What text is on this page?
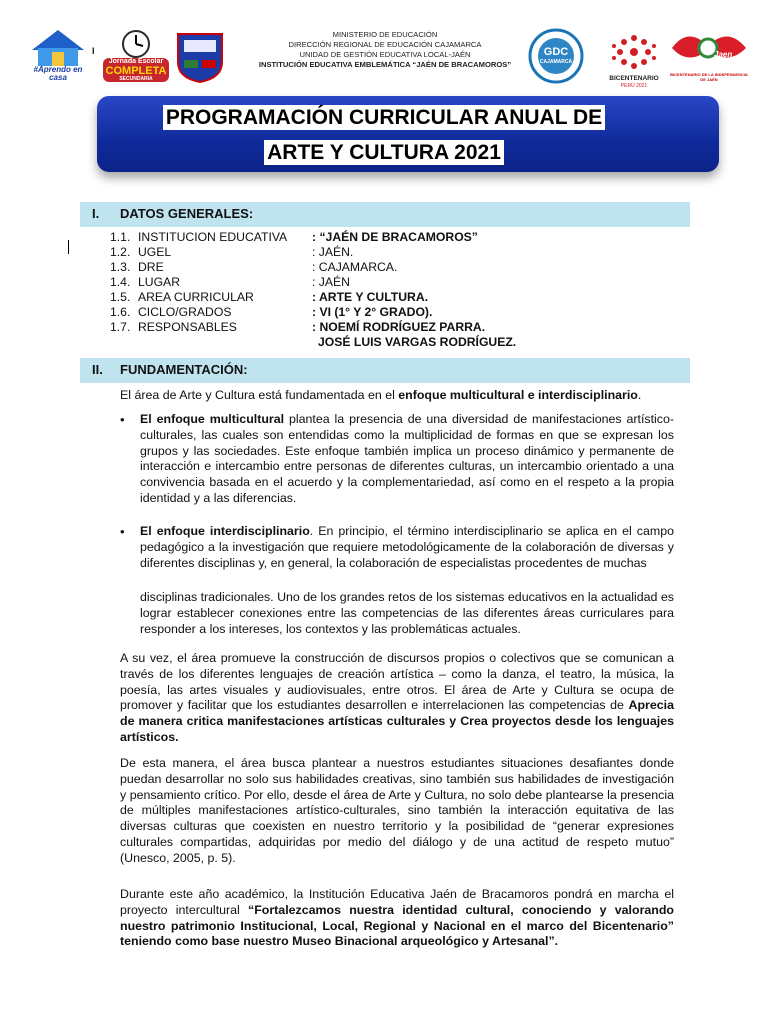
#Aprendo en casa
I
Jornada Escolar
COMPLETA
SECUNDARIA
MINISTERIO DE EDUCACIÓN
DIRECCIÓN REGIONAL DE EDUCACIÓN CAJAMARCA
UNIDAD DE GESTIÓN EDUCATIVA LOCAL-JAÉN
INSTITUCIÓN EDUCATIVA EMBLEMÁTICA “JAÉN DE BRACAMOROS”
GDC
CAJAMARCA
BICENTENARIO
PERÚ 2021
200 años
Jaen
BICENTENARIO DE LA INDEPENDENCIA DE JAÉN
PROGRAMACIÓN CURRICULAR ANUAL DE
ARTE Y CULTURA 2021
I. DATOS GENERALES:
1.1. INSTITUCION EDUCATIVA : “JAÉN DE BRACAMOROS”
1.2. UGEL	: JAÉN.
1.3. DRE	: CAJAMARCA.
1.4. LUGAR	: JAÉN
1.5. AREA CURRICULAR	: ARTE Y CULTURA.
1.6. CICLO/GRADOS	: VI (1° Y 2° GRADO).
1.7. RESPONSABLES	: NOEMÍ RODRÍGUEZ PARRA.
JOSÉ LUIS VARGAS RODRÍGUEZ.
II. FUNDAMENTACIÓN:
El área de Arte y Cultura está fundamentada en el enfoque multicultural e interdisciplinario.
• El enfoque multicultural plantea la presencia de una diversidad de manifestaciones artístico-culturales, las cuales son entendidas como la multiplicidad de formas en que se expresan los grupos y las sociedades. Este enfoque también implica un proceso dinámico y permanente de interacción e intercambio entre personas de diferentes culturas, un intercambio orientado a una convivencia basada en el acuerdo y la complementariedad, así como en el respeto a la propia identidad y a las diferencias.
• El enfoque interdisciplinario. En principio, el término interdisciplinario se aplica en el campo pedagógico a la investigación que requiere metodológicamente de la colaboración de diversas y diferentes disciplinas y, en general, la colaboración de especialistas procedentes de muchas
disciplinas tradicionales. Uno de los grandes retos de los sistemas educativos en la actualidad es lograr establecer conexiones entre las competencias de las diferentes áreas curriculares para responder a los intereses, los contextos y las problemáticas actuales.
A su vez, el área promueve la construcción de discursos propios o colectivos que se comunican a través de los diferentes lenguajes de creación artística – como la danza, el teatro, la música, la poesía, las artes visuales y audiovisuales, entre otros. El área de Arte y Cultura se ocupa de promover y facilitar que los estudiantes desarrollen e interrelacionen las competencias de Aprecia de manera critica manifestaciones artísticas culturales y Crea proyectos desde los lenguajes artísticos.
De esta manera, el área busca plantear a nuestros estudiantes situaciones desafiantes donde puedan desarrollar no solo sus habilidades creativas, sino también sus habilidades de investigación y pensamiento crítico. Por ello, desde el área de Arte y Cultura, no solo debe plantearse la presencia de múltiples manifestaciones artístico-culturales, sino también la interacción equitativa de las diversas culturas que coexisten en nuestro territorio y la posibilidad de “generar expresiones culturales compartidas, adquiridas por medio del diálogo y de una actitud de respeto mutuo” (Unesco, 2005, p. 5).
Durante este año académico, la Institución Educativa Jaén de Bracamoros pondrá en marcha el proyecto intercultural “Fortalezcamos nuestra identidad cultural, conociendo y valorando nuestro patrimonio Institucional, Local, Regional y Nacional en el marco del Bicentenario” teniendo como base nuestro Museo Binacional arqueológico y Artesanal”.
